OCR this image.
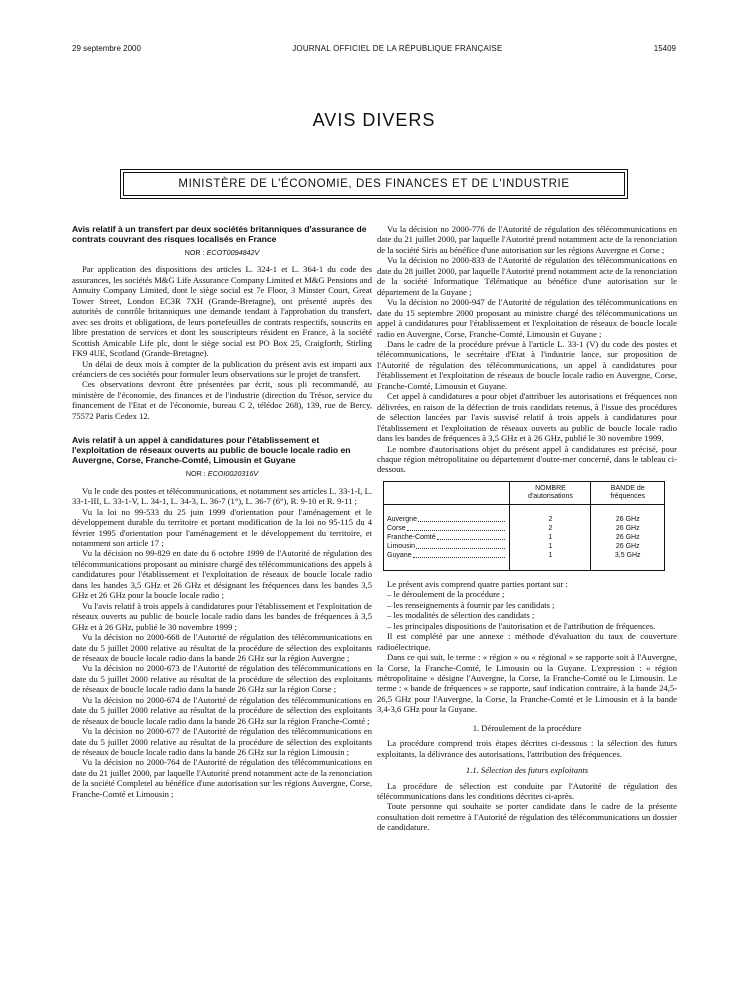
29 septembre 2000	JOURNAL OFFICIEL DE LA RÉPUBLIQUE FRANÇAISE	15409
AVIS DIVERS
MINISTÈRE DE L'ÉCONOMIE, DES FINANCES ET DE L'INDUSTRIE
Avis relatif à un transfert par deux sociétés britanniques d'assurance de contrats couvrant des risques localisés en France
NOR : ECOT0094842V

Par application des dispositions des articles L. 324-1 et L. 364-1 du code des assurances, les sociétés M&G Life Assurance Company Limited et M&G Pensions and Annuity Company Limited, dont le siège social est 7e Floor, 3 Minster Court, Great Tower Street, London EC3R 7XH (Grande-Bretagne), ont présenté auprès des autorités de contrôle britanniques une demande tendant à l'approbation du transfert, avec ses droits et obligations, de leurs portefeuilles de contrats respectifs, souscrits en libre prestation de services et dont les souscripteurs résident en France, à la société Scottish Amicable Life plc, dont le siège social est PO Box 25, Craigforth, Stirling FK9 4UE, Scotland (Grande-Bretagne).

Un délai de deux mois à compter de la publication du présent avis est imparti aux créanciers de ces sociétés pour formuler leurs observations sur le projet de transfert.

Ces observations devront être présentées par écrit, sous pli recommandé, au ministère de l'économie, des finances et de l'industrie (direction du Trésor, service du financement de l'Etat et de l'économie, bureau C 2, télédoc 268), 139, rue de Bercy, 75572 Paris Cedex 12.

Avis relatif à un appel à candidatures pour l'établissement et l'exploitation de réseaux ouverts au public de boucle locale radio en Auvergne, Corse, Franche-Comté, Limousin et Guyane
NOR : ECOI0020316V

Vu le code des postes et télécommunications, et notamment ses articles L. 33-1-I, L. 33-1-III, L. 33-1-V, L. 34-1, L. 34-3, L. 36-7 (1°), L. 36-7 (6°), R. 9-10 et R. 9-11 ;

Vu la loi no 99-533 du 25 juin 1999 d'orientation pour l'aménagement et le développement durable du territoire et portant modification de la loi no 95-115 du 4 février 1995 d'orientation pour l'aménagement et le développement du territoire, et notamment son article 17 ;

Vu la décision no 99-829 en date du 6 octobre 1999 de l'Autorité de régulation des télécommunications proposant au ministre chargé des télécommunications des appels à candidatures pour l'établissement et l'exploitation de réseaux de boucle locale radio dans les bandes 3,5 GHz et 26 GHz et désignant les fréquences dans les bandes 3,5 GHz et 26 GHz pour la boucle locale radio ;

Vu l'avis relatif à trois appels à candidatures pour l'établissement et l'exploitation de réseaux ouverts au public de boucle locale radio dans les bandes de fréquences à 3,5 GHz et à 26 GHz, publié le 30 novembre 1999 ;

Vu la décision no 2000-668 de l'Autorité de régulation des télécommunications en date du 5 juillet 2000 relative au résultat de la procédure de sélection des exploitants de réseaux de boucle locale radio dans la bande 26 GHz sur la région Auvergne ;

Vu la décision no 2000-673 de l'Autorité de régulation des télécommunications en date du 5 juillet 2000 relative au résultat de la procédure de sélection des exploitants de réseaux de boucle locale radio dans la bande 26 GHz sur la région Corse ;

Vu la décision no 2000-674 de l'Autorité de régulation des télécommunications en date du 5 juillet 2000 relative au résultat de la procédure de sélection des exploitants de réseaux de boucle locale radio dans la bande 26 GHz sur la région Franche-Comté ;

Vu la décision no 2000-677 de l'Autorité de régulation des télécommunications en date du 5 juillet 2000 relative au résultat de la procédure de sélection des exploitants de réseaux de boucle locale radio dans la bande 26 GHz sur la région Limousin ;

Vu la décision no 2000-764 de l'Autorité de régulation des télécommunications en date du 21 juillet 2000, par laquelle l'Autorité prend notamment acte de la renonciation de la société Completel au bénéfice d'une autorisation sur les régions Auvergne, Corse, Franche-Comté et Limousin ;

Vu la décision no 2000-776 de l'Autorité de régulation des télécommunications en date du 21 juillet 2000, par laquelle l'Autorité prend notamment acte de la renonciation de la société Siris au bénéfice d'une autorisation sur les régions Auvergne et Corse ;

Vu la décision no 2000-833 de l'Autorité de régulation des télécommunications en date du 28 juillet 2000, par laquelle l'Autorité prend notamment acte de la renonciation de la société Informatique Télématique au bénéfice d'une autorisation sur le département de la Guyane ;

Vu la décision no 2000-947 de l'Autorité de régulation des télécommunications en date du 15 septembre 2000 proposant au ministre chargé des télécommunications un appel à candidatures pour l'établissement et l'exploitation de réseaux de boucle locale radio en Auvergne, Corse, Franche-Comté, Limousin et Guyane ;

Dans le cadre de la procédure prévue à l'article L. 33-1 (V) du code des postes et télécommunications, le secrétaire d'Etat à l'industrie lance, sur proposition de l'Autorité de régulation des télécommunications, un appel à candidatures pour l'établissement et l'exploitation de réseaux de boucle locale radio en Auvergne, Corse, Franche-Comté, Limousin et Guyane.

Cet appel à candidatures a pour objet d'attribuer les autorisations et fréquences non délivrées, en raison de la défection de trois candidats retenus, à l'issue des procédures de sélection lancées par l'avis susvisé relatif à trois appels à candidatures pour l'établissement et l'exploitation de réseaux ouverts au public de boucle locale radio dans les bandes de fréquences à 3,5 GHz et à 26 GHz, publié le 30 novembre 1999.

Le nombre d'autorisations objet du présent appel à candidatures est précisé, pour chaque région métropolitaine ou département d'outre-mer concerné, dans le tableau ci-dessous.

	NOMBRE d'autorisations	BANDE de fréquences

Auvergne	2	26 GHz

Corse	2	26 GHz

Franche-Comté	1	26 GHz

Limousin	1	26 GHz

Guyane	1	3,5 GHz

Le présent avis comprend quatre parties portant sur :

– le déroulement de la procédure ;
– les renseignements à fournir par les candidats ;
– les modalités de sélection des candidats ;
– les principales dispositions de l'autorisation et de l'attribution de fréquences.

Il est complété par une annexe : méthode d'évaluation du taux de couverture radioélectrique.

Dans ce qui suit, le terme : « région » ou « régional » se rapporte soit à l'Auvergne, la Corse, la Franche-Comté, le Limousin ou la Guyane. L'expression : « région métropolitaine » désigne l'Auvergne, la Corse, la Franche-Comté ou le Limousin. Le terme : « bande de fréquences » se rapporte, sauf indication contraire, à la bande 24,5-26,5 GHz pour l'Auvergne, la Corse, la Franche-Comté et le Limousin et à la bande 3,4-3,6 GHz pour la Guyane.

1. Déroulement de la procédure

La procédure comprend trois étapes décrites ci-dessous : la sélection des futurs exploitants, la délivrance des autorisations, l'attribution des fréquences.

1.1. Sélection des futurs exploitants

La procédure de sélection est conduite par l'Autorité de régulation des télécommunications dans les conditions décrites ci-après.

Toute personne qui souhaite se porter candidate dans le cadre de la présente consultation doit remettre à l'Autorité de régulation des télécommunications un dossier de candidature.
